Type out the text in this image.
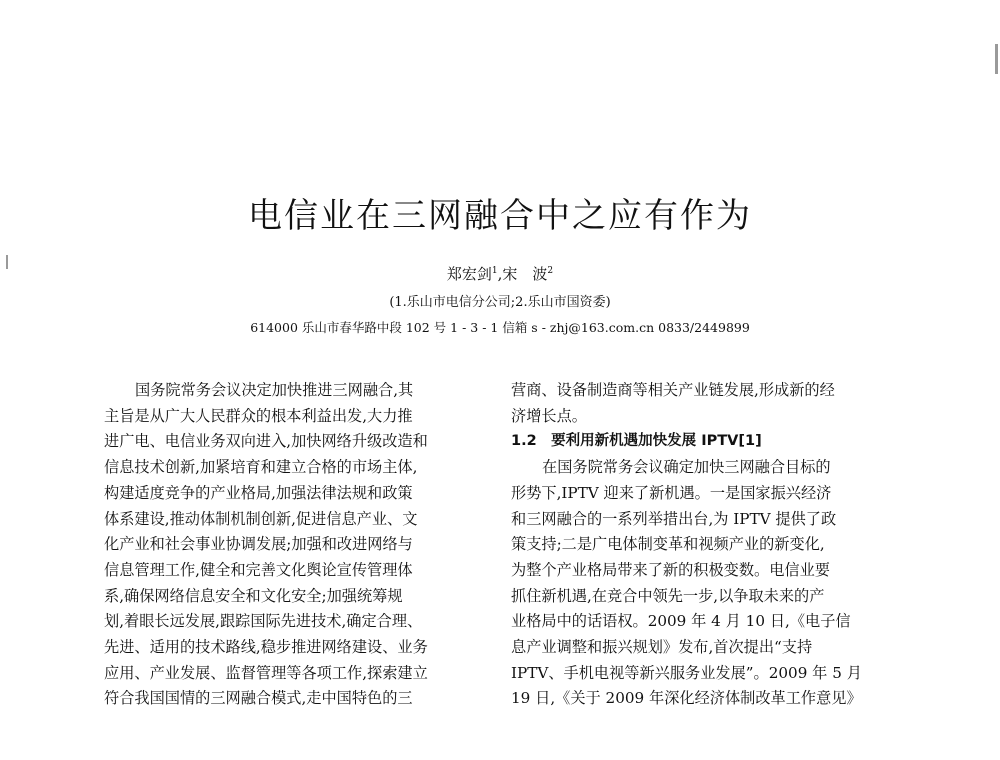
电信业在三网融合中之应有作为
郑宏剑$^1$,宋　波$^2$
(1.乐山市电信分公司;2.乐山市国资委)
614000 乐山市春华路中段 102 号 1 - 3 - 1 信箱 s - zhj@163.com.cn 0833/2449899

国务院常务会议决定加快推进三网融合,其

主旨是从广大人民群众的根本利益出发,大力推

进广电、电信业务双向进入,加快网络升级改造和

信息技术创新,加紧培育和建立合格的市场主体,

构建适度竞争的产业格局,加强法律法规和政策

体系建设,推动体制机制创新,促进信息产业、文

化产业和社会事业协调发展;加强和改进网络与

信息管理工作,健全和完善文化舆论宣传管理体

系,确保网络信息安全和文化安全;加强统筹规

划,着眼长远发展,跟踪国际先进技术,确定合理、

先进、适用的技术路线,稳步推进网络建设、业务

应用、产业发展、监督管理等各项工作,探索建立

符合我国国情的三网融合模式,走中国特色的三

营商、设备制造商等相关产业链发展,形成新的经

济增长点。

1.2　要利用新机遇加快发展 IPTV[1]

在国务院常务会议确定加快三网融合目标的

形势下,IPTV 迎来了新机遇。一是国家振兴经济

和三网融合的一系列举措出台,为 IPTV 提供了政

策支持;二是广电体制变革和视频产业的新变化,

为整个产业格局带来了新的积极变数。电信业要

抓住新机遇,在竞合中领先一步,以争取未来的产

业格局中的话语权。2009 年 4 月 10 日,《电子信

息产业调整和振兴规划》发布,首次提出“支持

IPTV、手机电视等新兴服务业发展”。2009 年 5 月

19 日,《关于 2009 年深化经济体制改革工作意见》
